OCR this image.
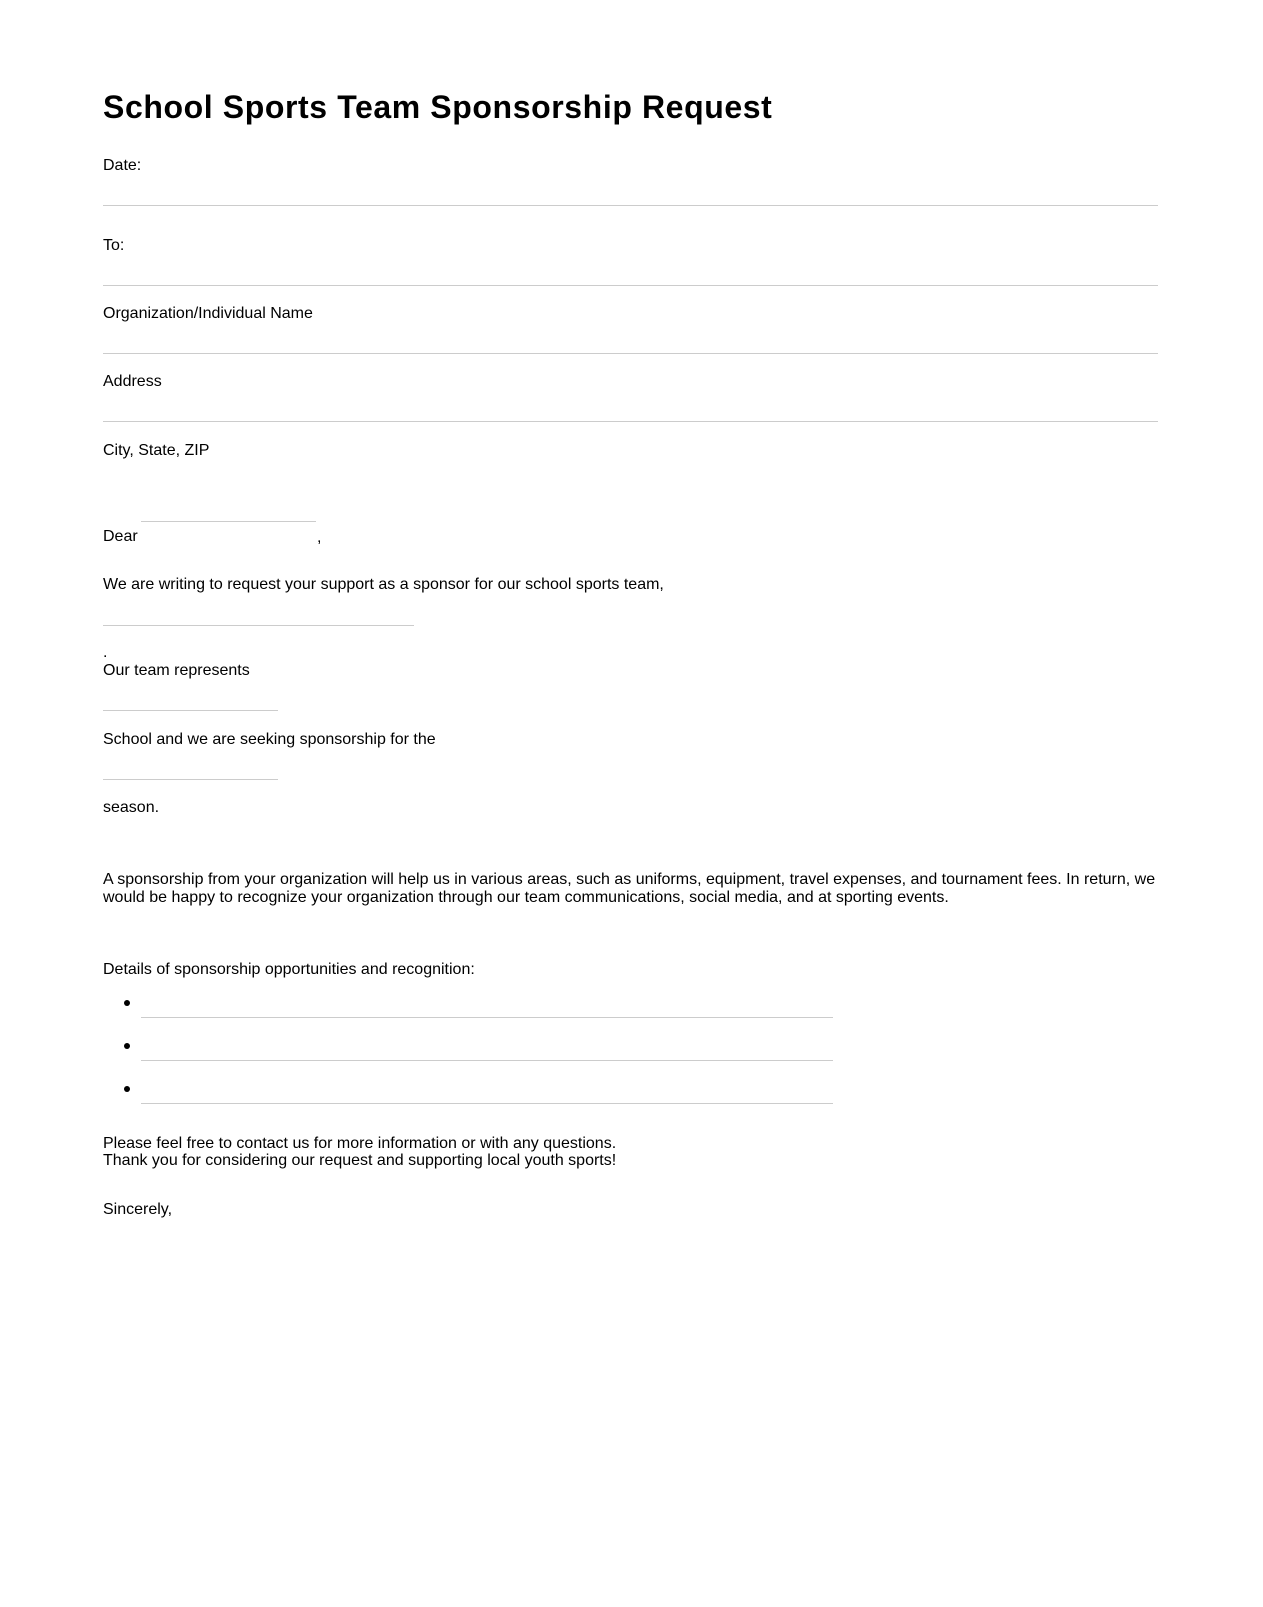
School Sports Team Sponsorship Request
Date:
To:
Organization/Individual Name
Address
City, State, ZIP
Dear	,
We are writing to request your support as a sponsor for our school sports team,
.
Our team represents
School and we are seeking sponsorship for the
season.
A sponsorship from your organization will help us in various areas, such as uniforms, equipment, travel expenses, and tournament fees. In return, we would be happy to recognize your organization through our team communications, social media, and at sporting events.
Details of sponsorship opportunities and recognition:
Please feel free to contact us for more information or with any questions.
Thank you for considering our request and supporting local youth sports!
Sincerely,
